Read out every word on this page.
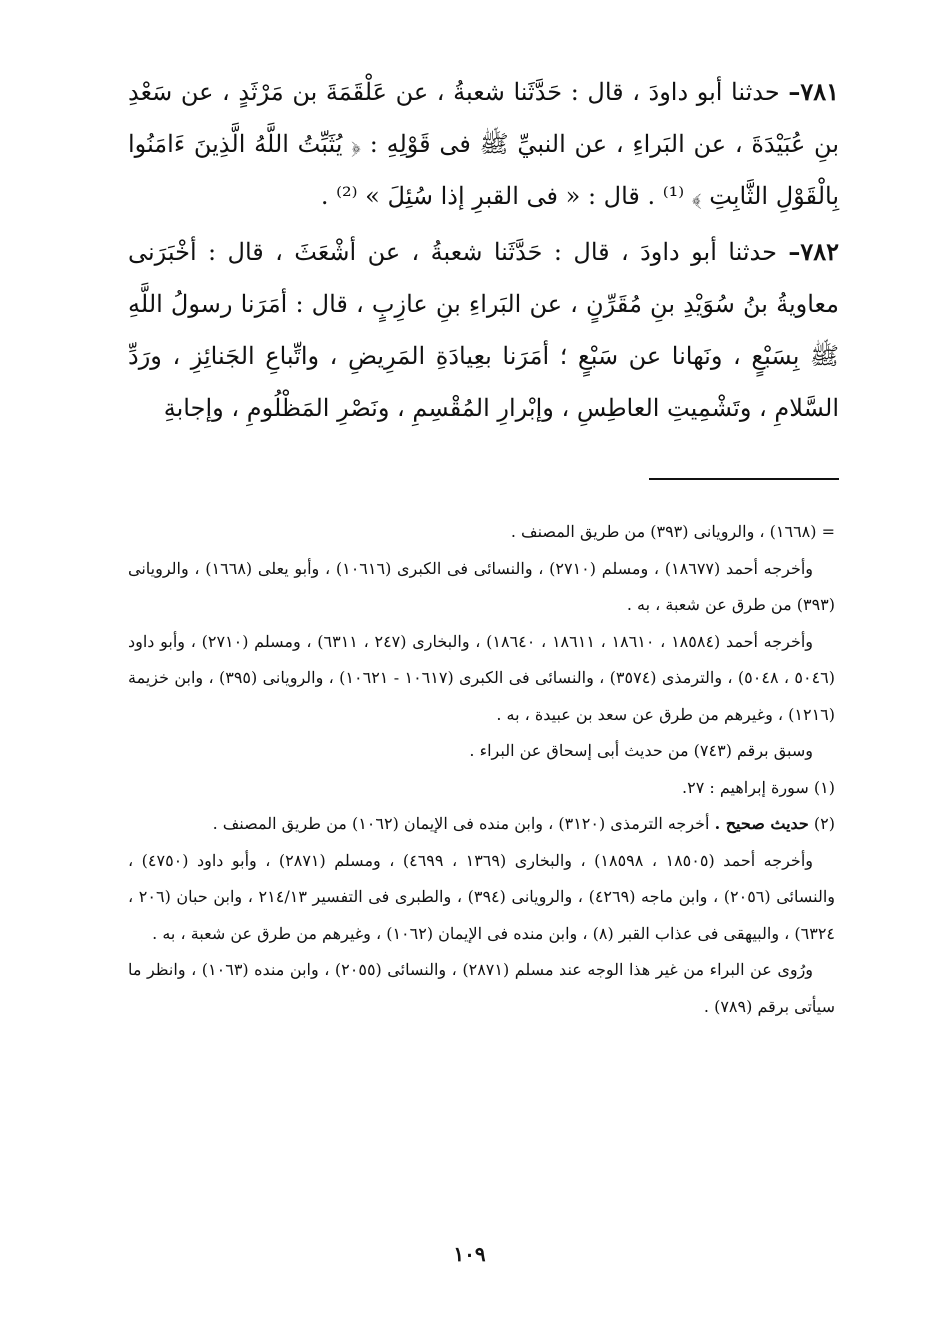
٧٨١– حدثنا أبو داودَ ، قال : حَدَّثَنا شعبةُ ، عن عَلْقَمَةَ بن مَرْثَدٍ ، عن سَعْدِ بنِ عُبَيْدَةَ ، عن البَراءِ ، عن النبيِّ ﷺ فى قَوْلِهِ : ﴿ يُثَبِّتُ اللَّهُ الَّذِينَ ءَامَنُوا بِالْقَوْلِ الثَّابِتِ ﴾ ⁽¹⁾ . قال : « فى القبرِ إذا سُئِلَ » ⁽²⁾ .

٧٨٢– حدثنا أبو داودَ ، قال : حَدَّثَنا شعبةُ ، عن أشْعَثَ ، قال : أخْبَرَنى معاويةُ بنُ سُوَيْدِ بنِ مُقَرِّنٍ ، عن البَراءِ بنِ عازِبٍ ، قال : أمَرَنا رسولُ اللَّهِ ﷺ بِسَبْعٍ ، ونَهانا عن سَبْعٍ ؛ أمَرَنا بعِيادَةِ المَرِيضِ ، واتِّباعِ الجَنائِزِ ، ورَدِّ السَّلامِ ، وتَشْمِيتِ العاطِسِ ، وإبْرارِ المُقْسِمِ ، ونَصْرِ المَظْلُومِ ، وإجابةِ

= (١٦٦٨) ، والرويانى (٣٩٣) من طريق المصنف .

وأخرجه أحمد (١٨٦٧٧) ، ومسلم (٢٧١٠) ، والنسائى فى الكبرى (١٠٦١٦) ، وأبو يعلى (١٦٦٨) ، والرويانى (٣٩٣) من طرق عن شعبة ، به .

وأخرجه أحمد (١٨٥٨٤ ، ١٨٦١٠ ، ١٨٦١١ ، ١٨٦٤٠) ، والبخارى (٢٤٧ ، ٦٣١١) ، ومسلم (٢٧١٠) ، وأبو داود (٥٠٤٦ ، ٥٠٤٨) ، والترمذى (٣٥٧٤) ، والنسائى فى الكبرى (١٠٦١٧ - ١٠٦٢١) ، والرويانى (٣٩٥) ، وابن خزيمة (١٢١٦) ، وغيرهم من طرق عن سعد بن عبيدة ، به .

وسبق برقم (٧٤٣) من حديث أبى إسحاق عن البراء .

(١) سورة إبراهيم : ٢٧.

(٢) حديث صحيح . أخرجه الترمذى (٣١٢٠) ، وابن منده فى الإيمان (١٠٦٢) من طريق المصنف .

وأخرجه أحمد (١٨٥٠٥ ، ١٨٥٩٨) ، والبخارى (١٣٦٩ ، ٤٦٩٩) ، ومسلم (٢٨٧١) ، وأبو داود (٤٧٥٠) ، والنسائى (٢٠٥٦) ، وابن ماجه (٤٢٦٩) ، والرويانى (٣٩٤) ، والطبرى فى التفسير ٢١٤/١٣ ، وابن حبان (٢٠٦ ، ٦٣٢٤) ، والبيهقى فى عذاب القبر (٨) ، وابن منده فى الإيمان (١٠٦٢) ، وغيرهم من طرق عن شعبة ، به .

ورُوى عن البراء من غير هذا الوجه عند مسلم (٢٨٧١) ، والنسائى (٢٠٥٥) ، وابن منده (١٠٦٣) ، وانظر ما سيأتى برقم (٧٨٩) .

١٠٩
